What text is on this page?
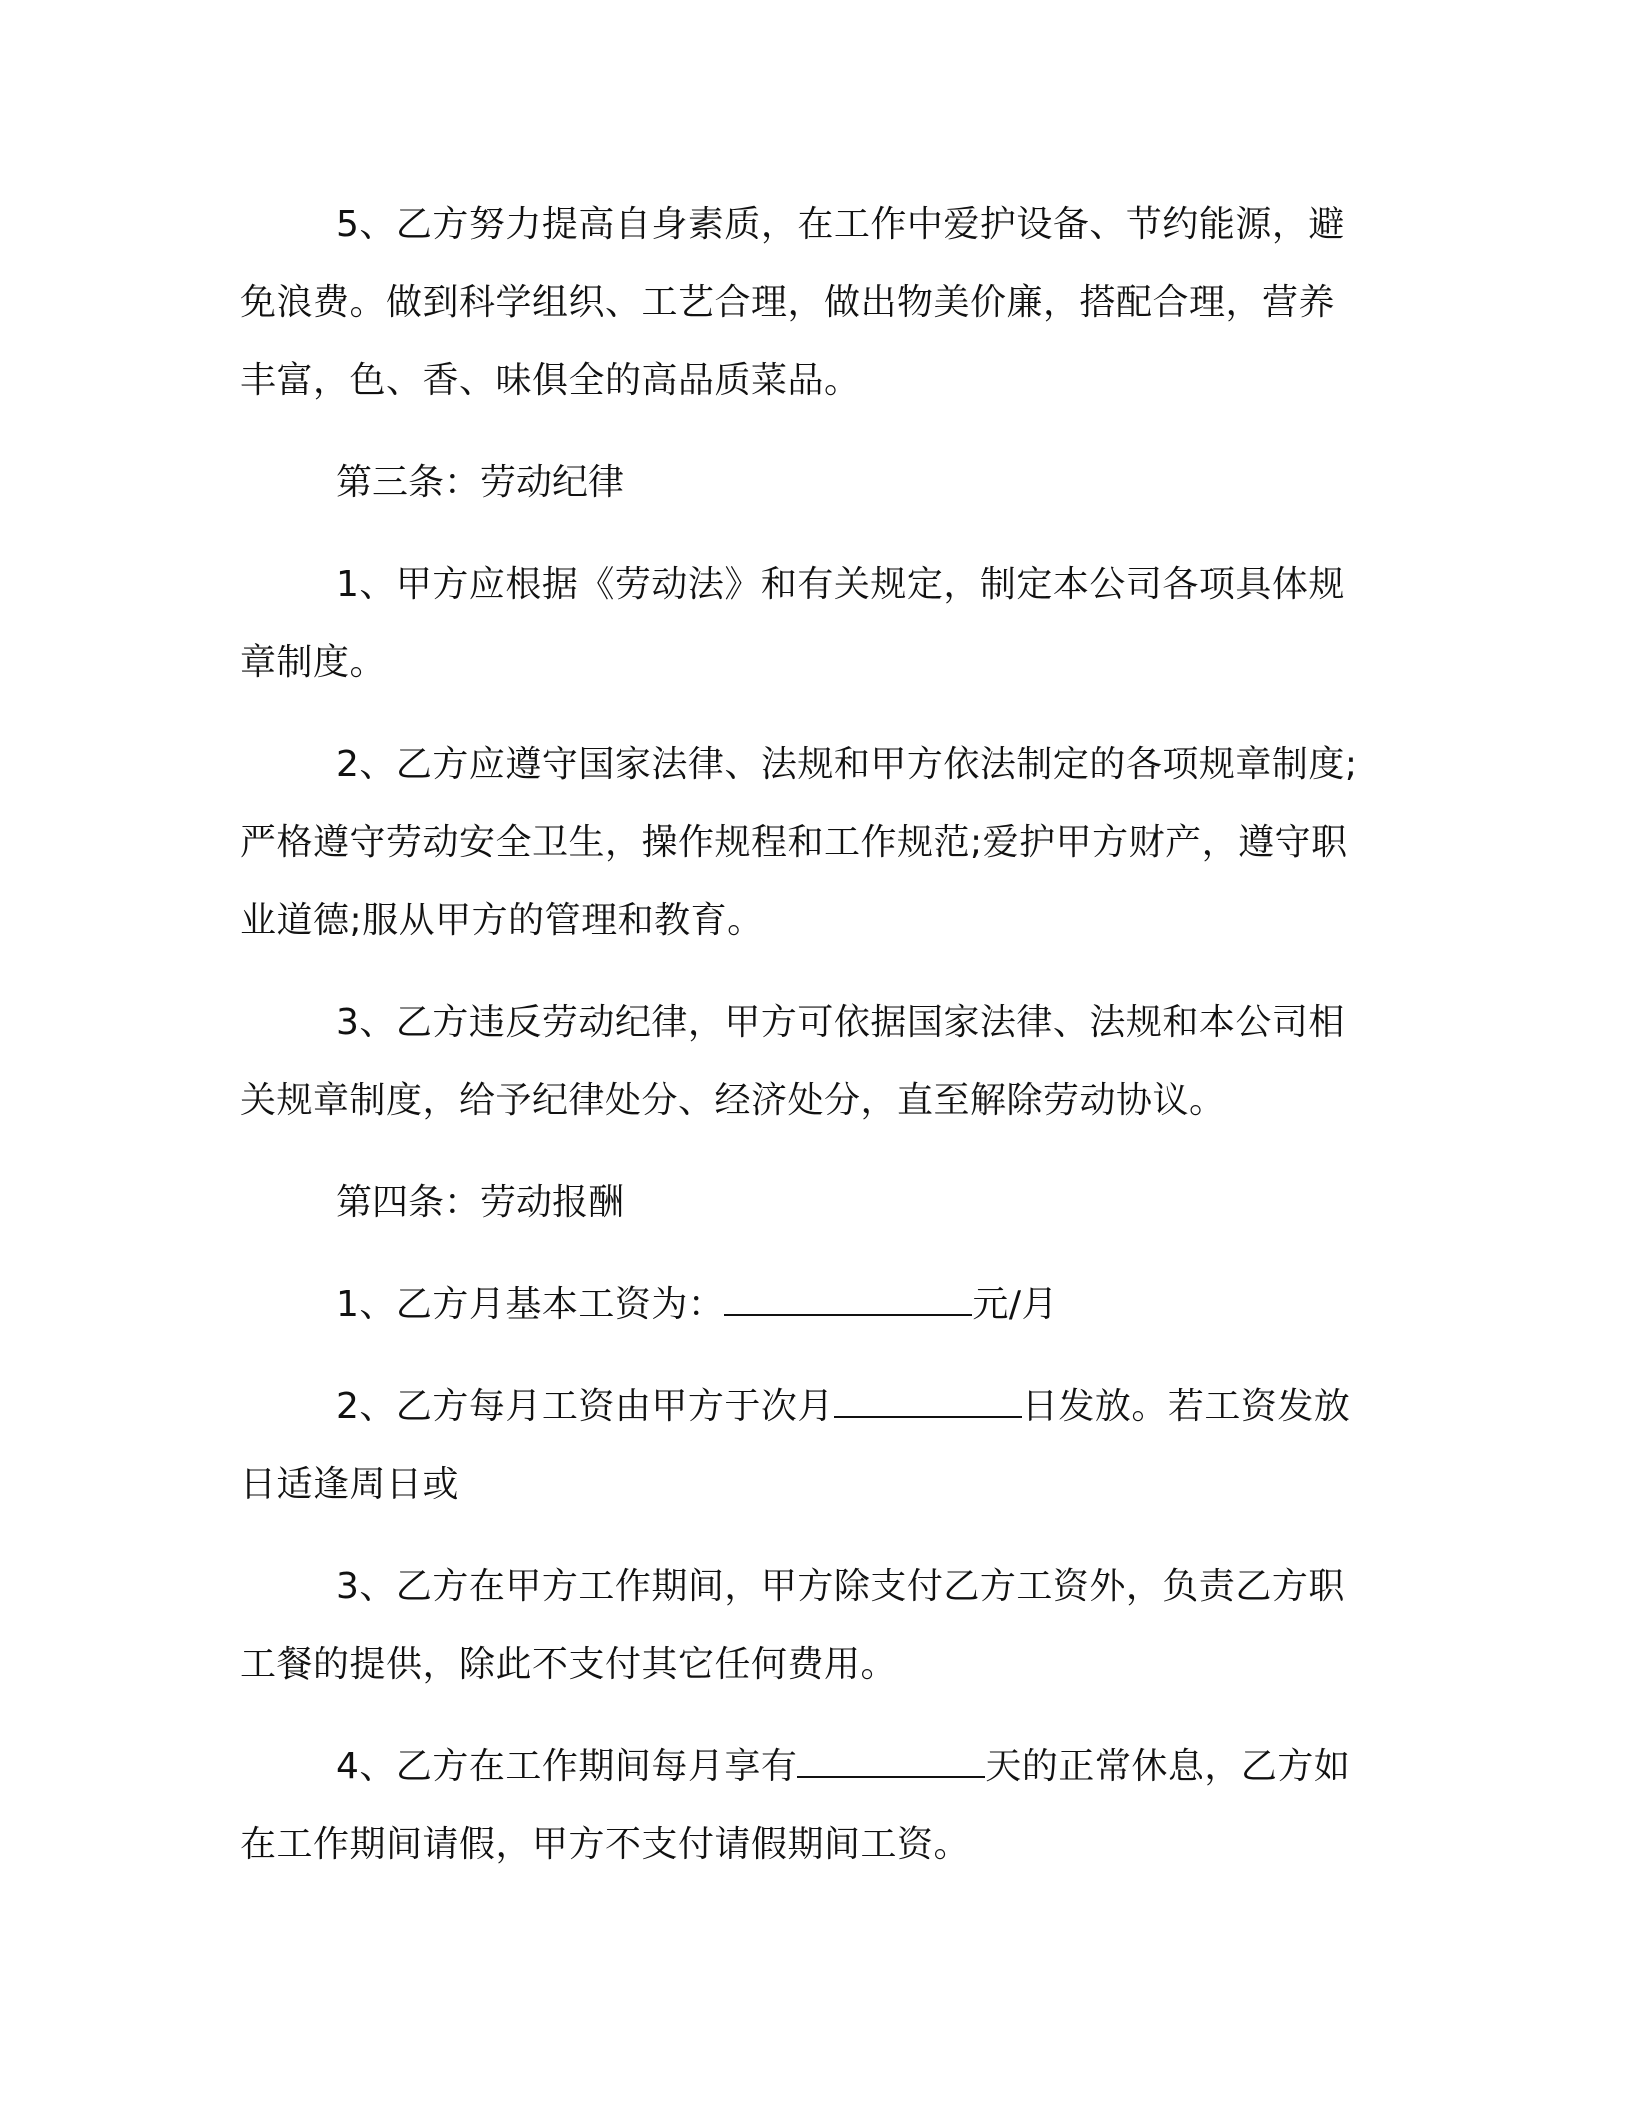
5、乙方努力提高自身素质，在工作中爱护设备、节约能源，避免浪费。做到科学组织、工艺合理，做出物美价廉，搭配合理，营养丰富，色、香、味俱全的高品质菜品。

第三条：劳动纪律

1、甲方应根据《劳动法》和有关规定，制定本公司各项具体规章制度。

2、乙方应遵守国家法律、法规和甲方依法制定的各项规章制度;严格遵守劳动安全卫生，操作规程和工作规范;爱护甲方财产，遵守职业道德;服从甲方的管理和教育。

3、乙方违反劳动纪律，甲方可依据国家法律、法规和本公司相关规章制度，给予纪律处分、经济处分，直至解除劳动协议。

第四条：劳动报酬

1、乙方月基本工资为：	元/月

2、乙方每月工资由甲方于次月	日发放。若工资发放日适逢周日或

3、乙方在甲方工作期间，甲方除支付乙方工资外，负责乙方职工餐的提供，除此不支付其它任何费用。

4、乙方在工作期间每月享有	天的正常休息，乙方如在工作期间请假，甲方不支付请假期间工资。
